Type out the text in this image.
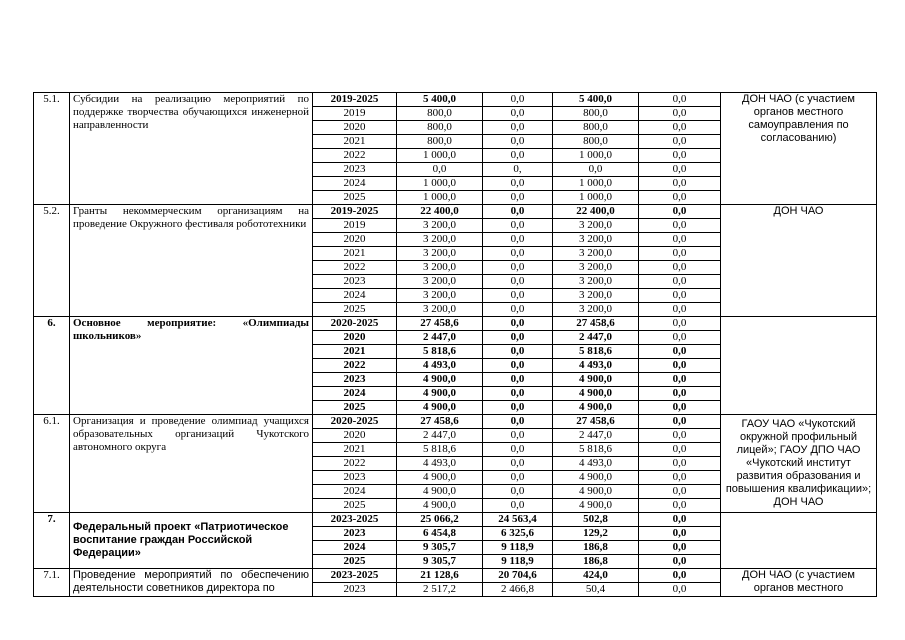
5.1.	Субсидии на реализацию мероприятий по поддержке творчества обучающихся инженерной направленности	2019-2025	5 400,0	0,0	5 400,0	0,0	ДОН ЧАО (с участием органов местного самоуправления по согласованию)
		2019	800,0	0,0	800,0	0,0	
		2020	800,0	0,0	800,0	0,0	
		2021	800,0	0,0	800,0	0,0	
		2022	1 000,0	0,0	1 000,0	0,0	
		2023	0,0	0,	0,0	0,0	
		2024	1 000,0	0,0	1 000,0	0,0	
		2025	1 000,0	0,0	1 000,0	0,0	
5.2.	Гранты некоммерческим организациям на проведение Окружного фестиваля робототехники	2019-2025	22 400,0	0,0	22 400,0	0,0	ДОН ЧАО
		2019	3 200,0	0,0	3 200,0	0,0	
		2020	3 200,0	0,0	3 200,0	0,0	
		2021	3 200,0	0,0	3 200,0	0,0	
		2022	3 200,0	0,0	3 200,0	0,0	
		2023	3 200,0	0,0	3 200,0	0,0	
		2024	3 200,0	0,0	3 200,0	0,0	
		2025	3 200,0	0,0	3 200,0	0,0	
6.	Основное мероприятие: «Олимпиады школьников»	2020-2025	27 458,6	0,0	27 458,6	0,0	
		2020	2 447,0	0,0	2 447,0	0,0	
		2021	5 818,6	0,0	5 818,6	0,0	
		2022	4 493,0	0,0	4 493,0	0,0	
		2023	4 900,0	0,0	4 900,0	0,0	
		2024	4 900,0	0,0	4 900,0	0,0	
		2025	4 900,0	0,0	4 900,0	0,0	
6.1.	Организация и проведение олимпиад учащихся образовательных организаций Чукотского автономного округа	2020-2025	27 458,6	0,0	27 458,6	0,0	ГАОУ ЧАО «Чукотский окружной профильный лицей»; ГАОУ ДПО ЧАО «Чукотский институт развития образования и повышения квалификации»; ДОН ЧАО
		2020	2 447,0	0,0	2 447,0	0,0	
		2021	5 818,6	0,0	5 818,6	0,0	
		2022	4 493,0	0,0	4 493,0	0,0	
		2023	4 900,0	0,0	4 900,0	0,0	
		2024	4 900,0	0,0	4 900,0	0,0	
		2025	4 900,0	0,0	4 900,0	0,0	
7.	Федеральный проект «Патриотическое воспитание граждан Российской Федерации»	2023-2025	25 066,2	24 563,4	502,8	0,0	
		2023	6 454,8	6 325,6	129,2	0,0	
		2024	9 305,7	9 118,9	186,8	0,0	
		2025	9 305,7	9 118,9	186,8	0,0	
7.1.	Проведение мероприятий по обеспечению деятельности советников директора по	2023-2025	21 128,6	20 704,6	424,0	0,0	ДОН ЧАО (с участием органов местного
		2023	2 517,2	2 466,8	50,4	0,0	
